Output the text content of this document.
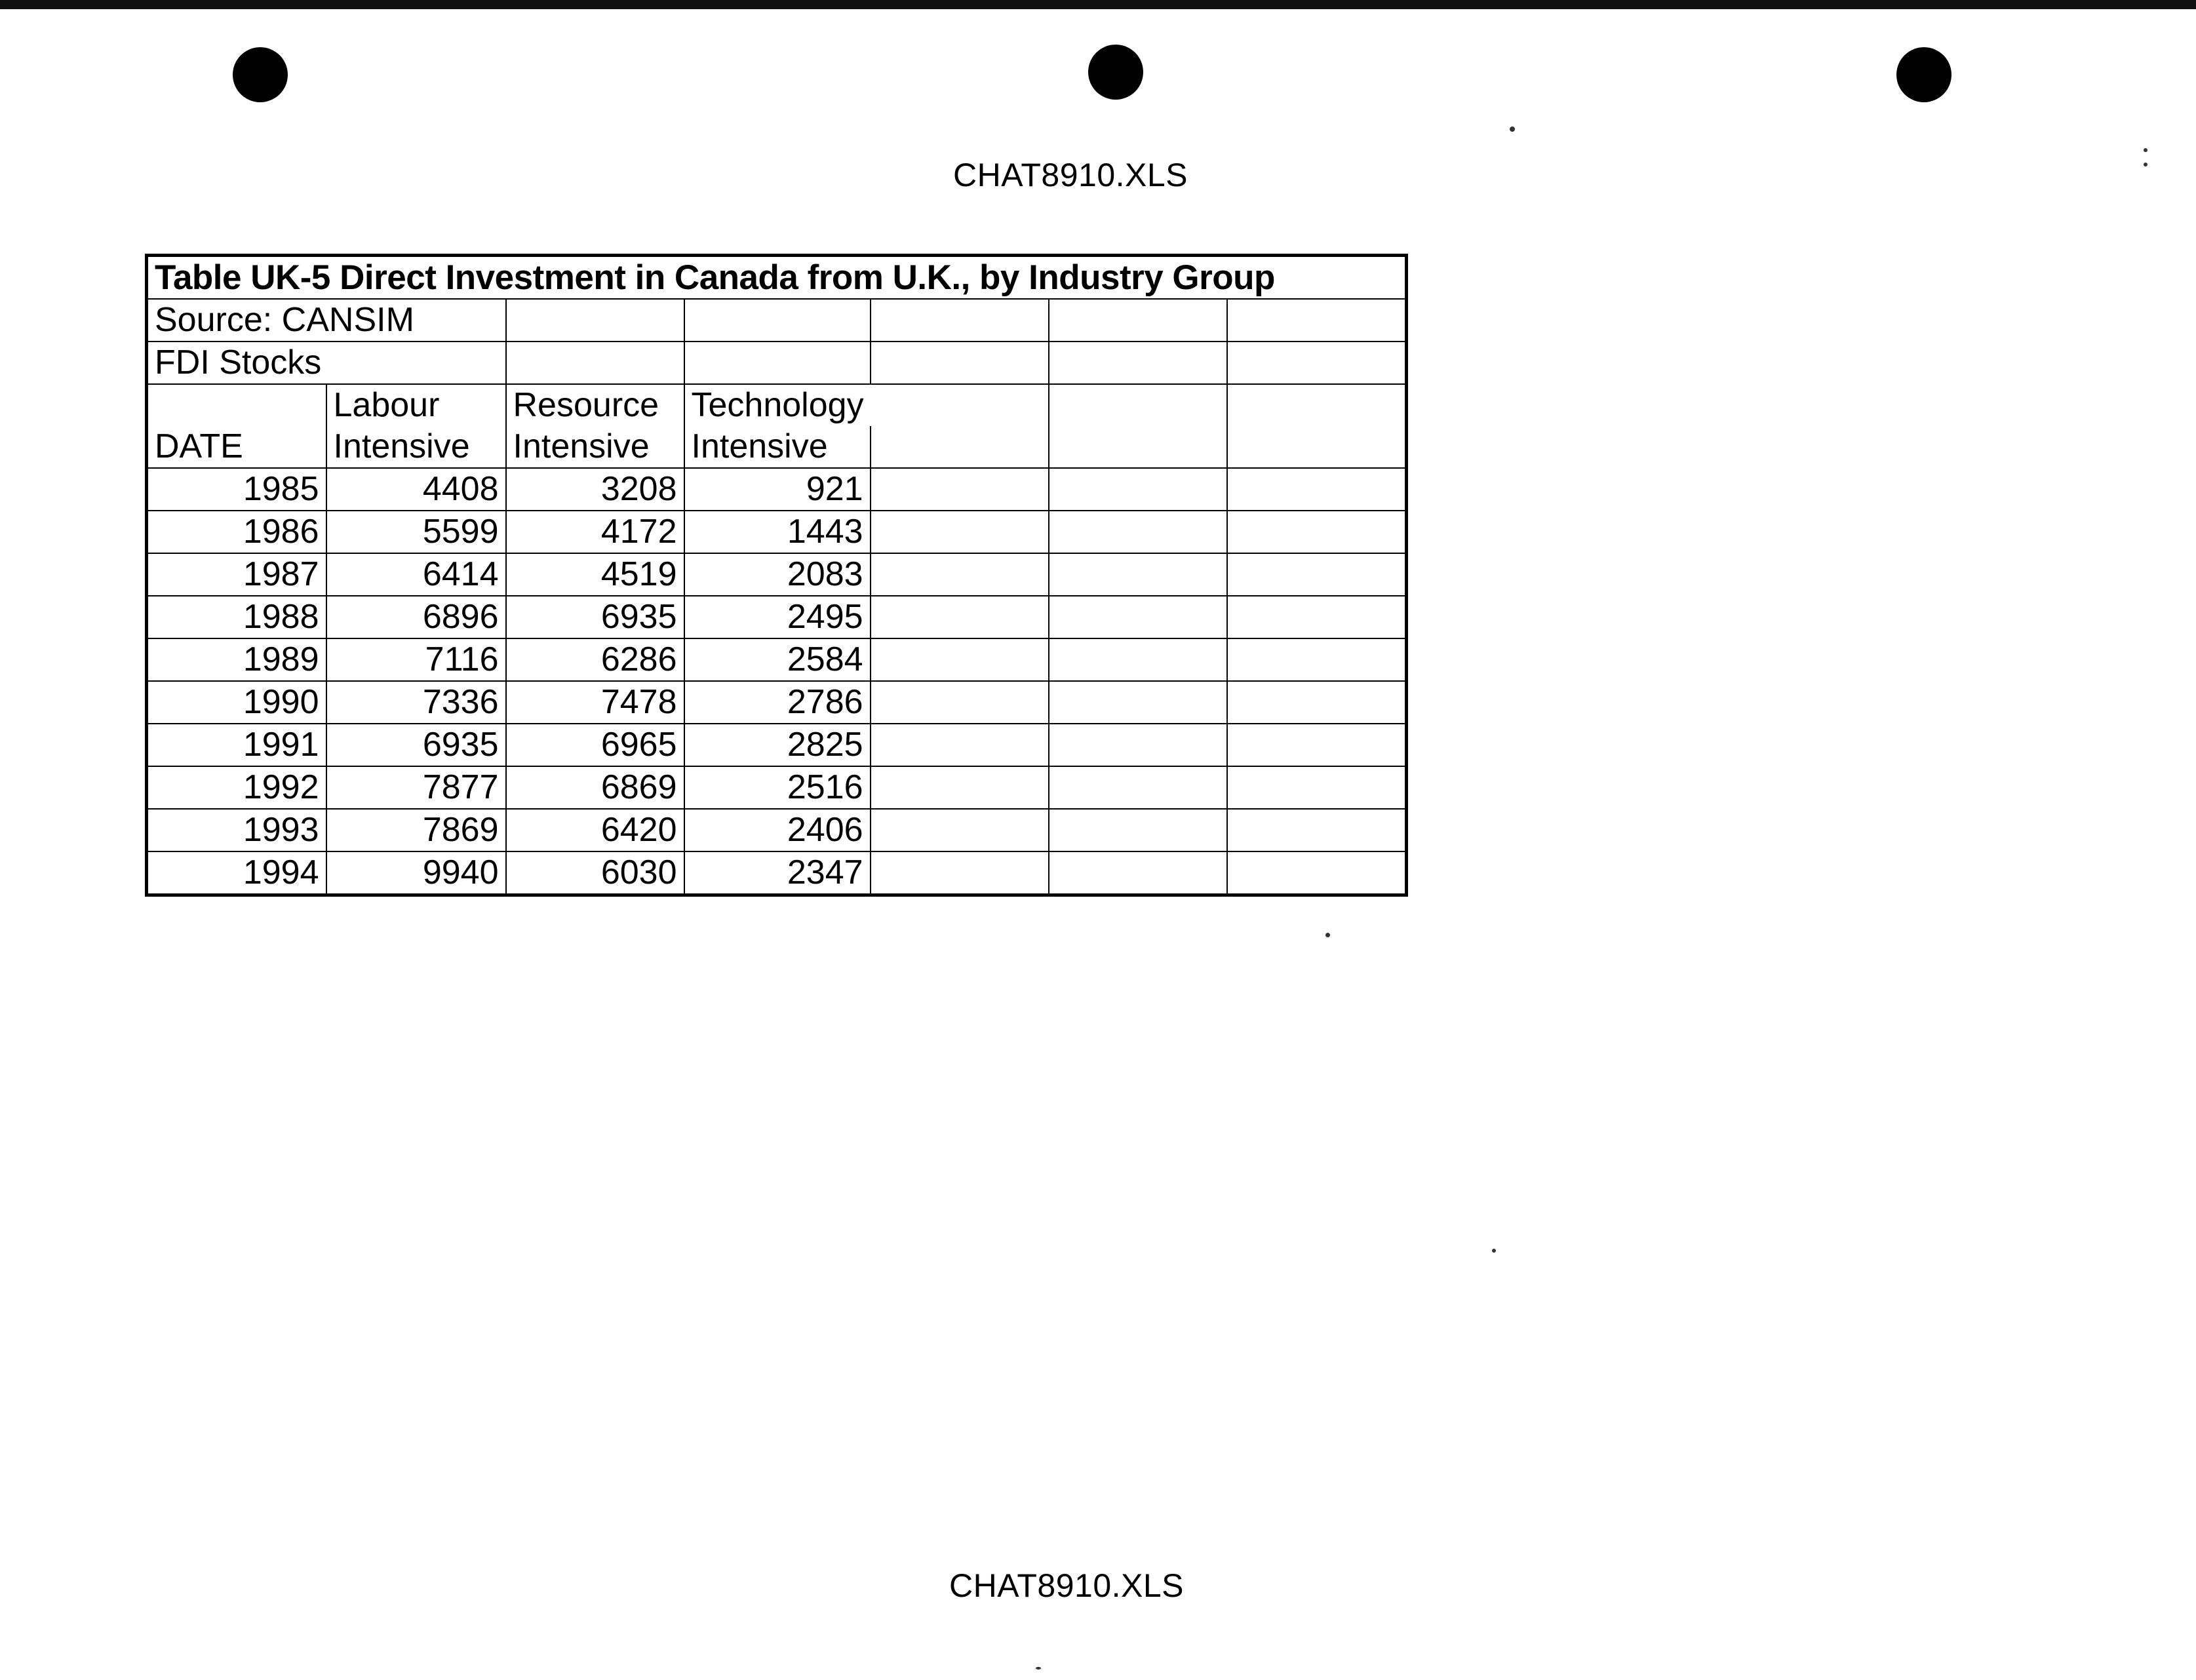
CHAT8910.XLS
Table UK-5 Direct Investment in Canada from U.K., by Industry Group						
Source: CANSIM						
FDI Stocks						
	Labour	Resource	Technology			
DATE	Intensive	Intensive	Intensive			
1985	4408	3208	921			
1986	5599	4172	1443			
1987	6414	4519	2083			
1988	6896	6935	2495			
1989	7116	6286	2584			
1990	7336	7478	2786			
1991	6935	6965	2825			
1992	7877	6869	2516			
1993	7869	6420	2406			
1994	9940	6030	2347			
CHAT8910.XLS
